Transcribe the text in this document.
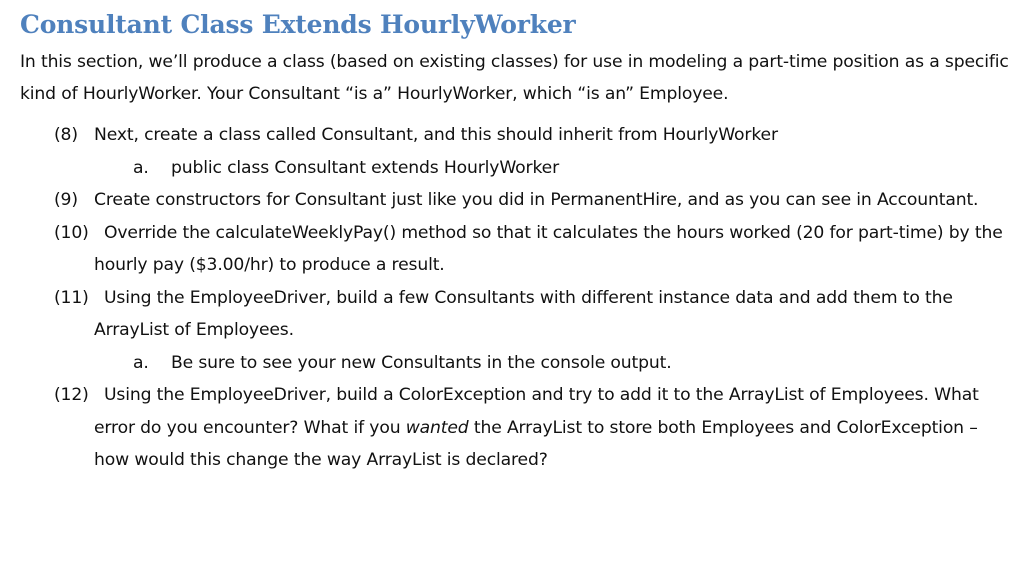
Consultant Class Extends HourlyWorker

In this section, we’ll produce a class (based on existing classes) for use in modeling a part-time position as a specific kind of HourlyWorker. Your Consultant “is a” HourlyWorker, which “is an” Employee.

(8) Next, create a class called Consultant, and this should inherit from HourlyWorker
a. public class Consultant extends HourlyWorker
(9) Create constructors for Consultant just like you did in PermanentHire, and as you can see in Accountant.
(10) Override the calculateWeeklyPay() method so that it calculates the hours worked (20 for part-time) by the hourly pay ($3.00/hr) to produce a result.
(11) Using the EmployeeDriver, build a few Consultants with different instance data and add them to the ArrayList of Employees.
a. Be sure to see your new Consultants in the console output.
(12) Using the EmployeeDriver, build a ColorException and try to add it to the ArrayList of Employees. What error do you encounter? What if you wanted the ArrayList to store both Employees and ColorException – how would this change the way ArrayList is declared?
